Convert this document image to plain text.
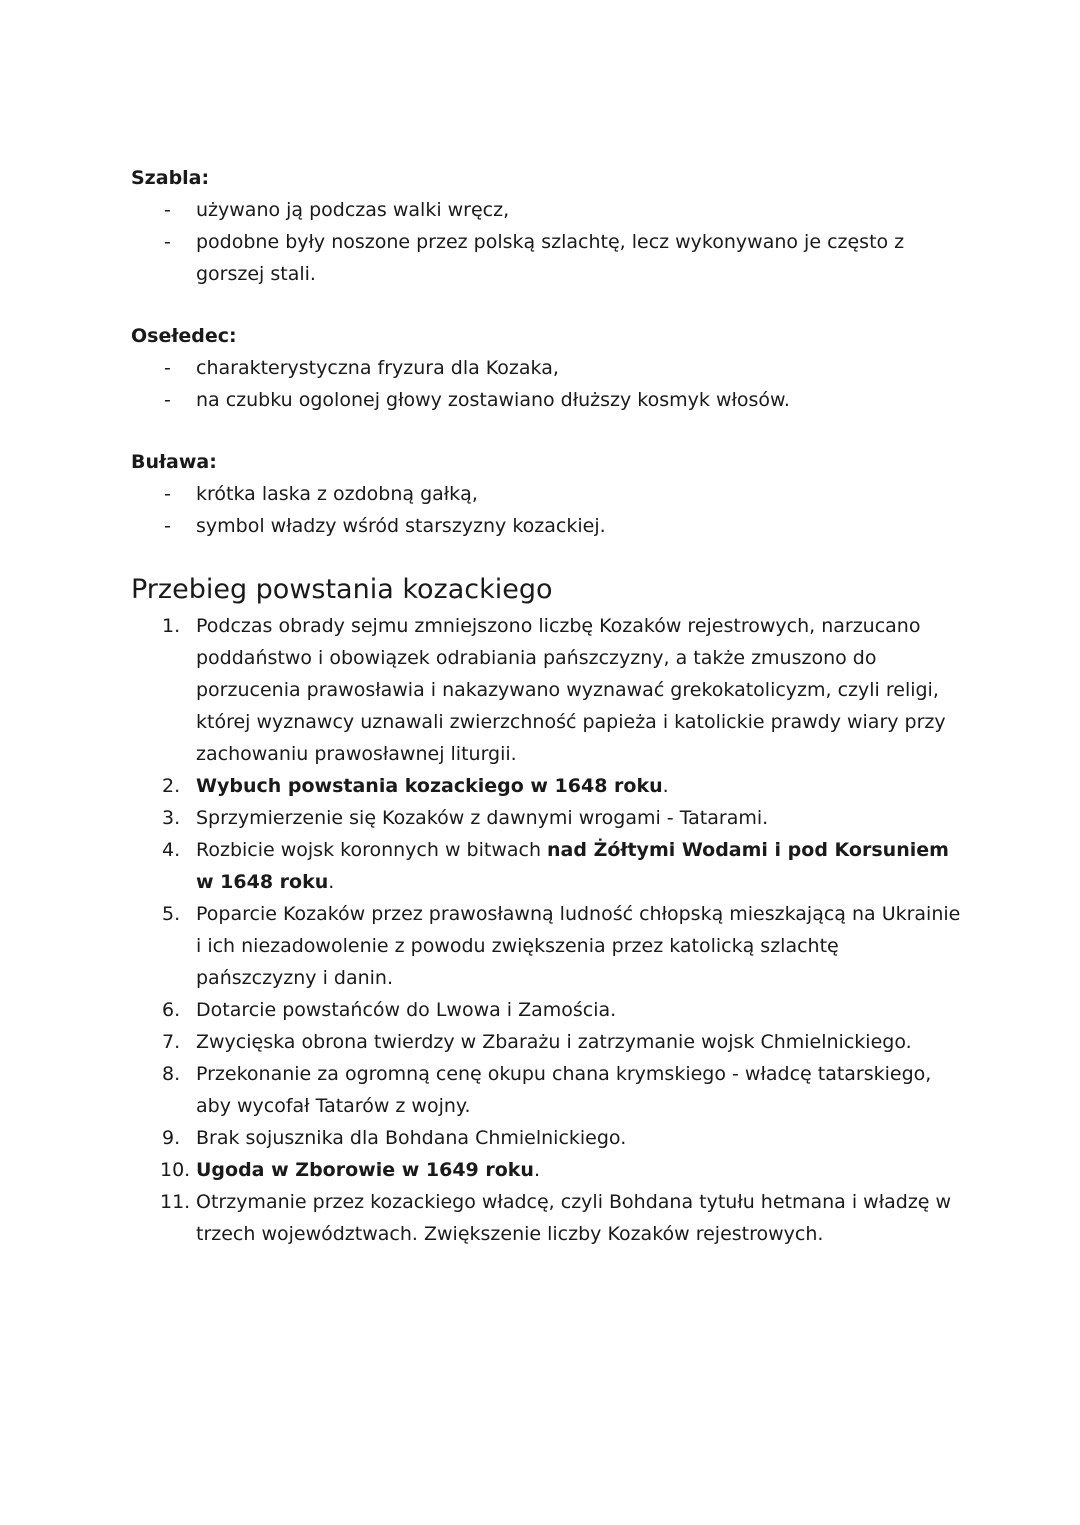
Szabla:

- używano ją podczas walki wręcz,
- podobne były noszone przez polską szlachtę, lecz wykonywano je często z gorszej stali.

Osełedec:

- charakterystyczna fryzura dla Kozaka,
- na czubku ogolonej głowy zostawiano dłuższy kosmyk włosów.

Buława:

- krótka laska z ozdobną gałką,
- symbol władzy wśród starszyzny kozackiej.
Przebieg powstania kozackiego
1. Podczas obrady sejmu zmniejszono liczbę Kozaków rejestrowych, narzucano poddaństwo i obowiązek odrabiania pańszczyzny, a także zmuszono do porzucenia prawosławia i nakazywano wyznawać grekokatolicyzm, czyli religi, której wyznawcy uznawali zwierzchność papieża i katolickie prawdy wiary przy zachowaniu prawosławnej liturgii.
2. Wybuch powstania kozackiego w 1648 roku.
3. Sprzymierzenie się Kozaków z dawnymi wrogami - Tatarami.
4. Rozbicie wojsk koronnych w bitwach nad Żółtymi Wodami i pod Korsuniem w 1648 roku.
5. Poparcie Kozaków przez prawosławną ludność chłopską mieszkającą na Ukrainie i ich niezadowolenie z powodu zwiększenia przez katolicką szlachtę pańszczyzny i danin.
6. Dotarcie powstańców do Lwowa i Zamościa.
7. Zwycięska obrona twierdzy w Zbarażu i zatrzymanie wojsk Chmielnickiego.
8. Przekonanie za ogromną cenę okupu chana krymskiego - władcę tatarskiego, aby wycofał Tatarów z wojny.
9. Brak sojusznika dla Bohdana Chmielnickiego.
10. Ugoda w Zborowie w 1649 roku.
11. Otrzymanie przez kozackiego władcę, czyli Bohdana tytułu hetmana i władzę w trzech województwach. Zwiększenie liczby Kozaków rejestrowych.
